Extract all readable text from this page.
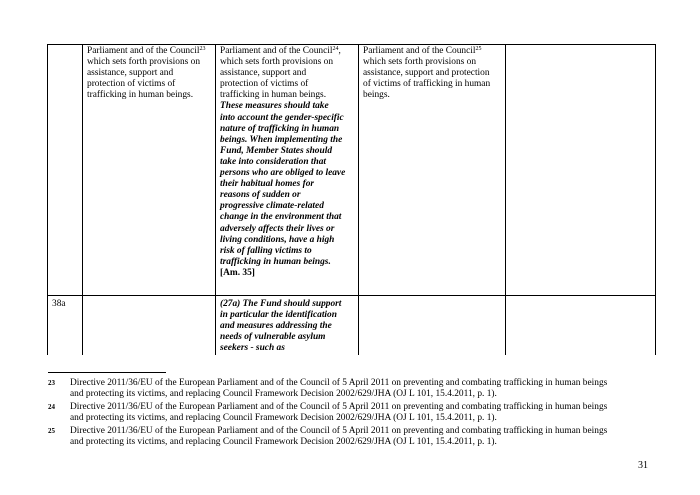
Parliament and of the Council$^{23}$
which sets forth provisions on
assistance, support and
protection of victims of
trafficking in human beings.
Parliament and of the Council$^{24}$,
which sets forth provisions on
assistance, support and
protection of victims of
trafficking in human beings.
These measures should take
into account the gender-specific
nature of trafficking in human
beings. When implementing the
Fund, Member States should
take into consideration that
persons who are obliged to leave
their habitual homes for
reasons of sudden or
progressive climate-related
change in the environment that
adversely affects their lives or
living conditions, have a high
risk of falling victims to
trafficking in human beings.
[Am. 35]
Parliament and of the Council$^{25}$
which sets forth provisions on
assistance, support and protection
of victims of trafficking in human
beings.
38a	(27a) The Fund should support
in particular the identification
and measures addressing the
needs of vulnerable asylum
seekers - such as
23 Directive 2011/36/EU of the European Parliament and of the Council of 5 April 2011 on preventing and combating trafficking in human beings
and protecting its victims, and replacing Council Framework Decision 2002/629/JHA (OJ L 101, 15.4.2011, p. 1).
24 Directive 2011/36/EU of the European Parliament and of the Council of 5 April 2011 on preventing and combating trafficking in human beings
and protecting its victims, and replacing Council Framework Decision 2002/629/JHA (OJ L 101, 15.4.2011, p. 1).
25 Directive 2011/36/EU of the European Parliament and of the Council of 5 April 2011 on preventing and combating trafficking in human beings
and protecting its victims, and replacing Council Framework Decision 2002/629/JHA (OJ L 101, 15.4.2011, p. 1).
31
